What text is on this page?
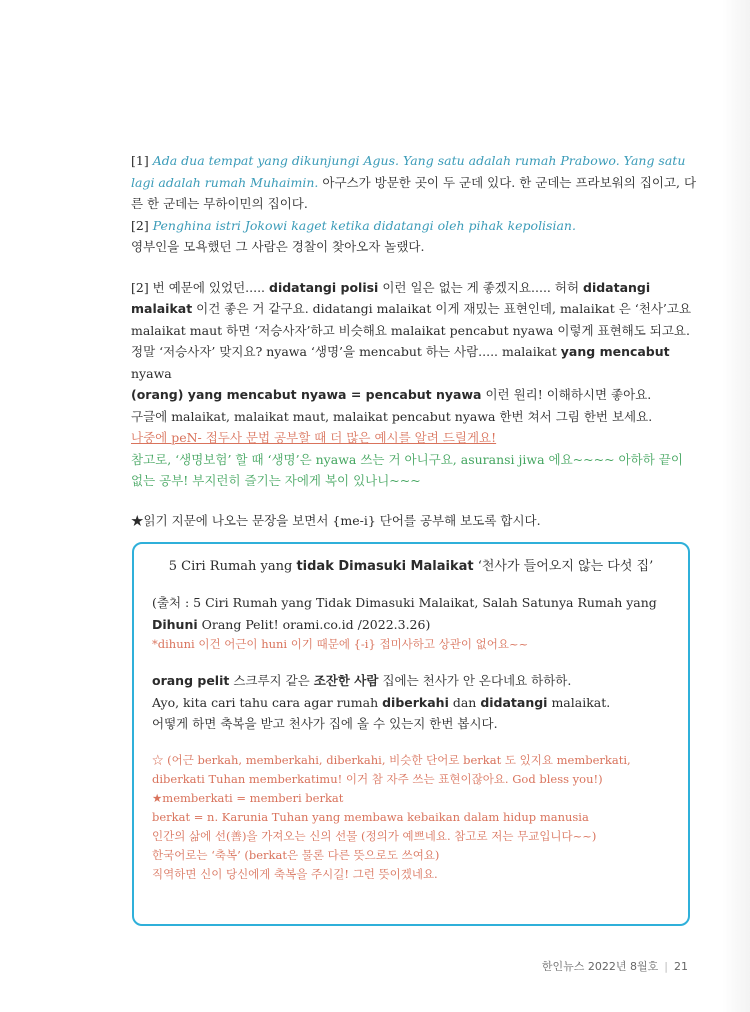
[1] Ada dua tempat yang dikunjungi Agus. Yang satu adalah rumah Prabowo. Yang satu lagi adalah rumah Muhaimin. 아구스가 방문한 곳이 두 군데 있다. 한 군데는 프라보워의 집이고, 다른 한 군데는 무하이민의 집이다.

[2] Penghina istri Jokowi kaget ketika didatangi oleh pihak kepolisian.

영부인을 모욕했던 그 사람은 경찰이 찾아오자 놀랬다.

[2] 번 예문에 있었던..... didatangi polisi 이런 일은 없는 게 좋겠지요..... 허허 didatangi malaikat 이건 좋은 거 같구요. didatangi malaikat 이게 재밌는 표현인데, malaikat 은 ‘천사’고요 malaikat maut 하면 ‘저승사자’하고 비슷해요 malaikat pencabut nyawa 이렇게 표현해도 되고요. 정말 ‘저승사자’ 맞지요? nyawa ‘생명’을 mencabut 하는 사람..... malaikat yang mencabut nyawa

(orang) yang mencabut nyawa = pencabut nyawa 이런 원리! 이해하시면 좋아요.

구글에 malaikat, malaikat maut, malaikat pencabut nyawa 한번 쳐서 그림 한번 보세요.

나중에 peN- 접두사 문법 공부할 때 더 많은 예시를 알려 드릴게요!

참고로, ‘생명보험’ 할 때 ‘생명’은 nyawa 쓰는 거 아니구요, asuransi jiwa 에요~~~~ 아하하 끝이 없는 공부! 부지런히 즐기는 자에게 복이 있나니~~~

★읽기 지문에 나오는 문장을 보면서 {me-i} 단어를 공부해 보도록 합시다.

5 Ciri Rumah yang tidak Dimasuki Malaikat ‘천사가 들어오지 않는 다섯 집’

(출처 : 5 Ciri Rumah yang Tidak Dimasuki Malaikat, Salah Satunya Rumah yang Dihuni Orang Pelit! orami.co.id /2022.3.26)

*dihuni 이건 어근이 huni 이기 때문에 {-i} 접미사하고 상관이 없어요~~

orang pelit 스크루지 같은 조잔한 사람 집에는 천사가 안 온다네요 하하하.

Ayo, kita cari tahu cara agar rumah diberkahi dan didatangi malaikat.

어떻게 하면 축복을 받고 천사가 집에 올 수 있는지 한번 봅시다.

☆ (어근 berkah, memberkahi, diberkahi, 비슷한 단어로 berkat 도 있지요 memberkati, diberkati Tuhan memberkatimu! 이거 참 자주 쓰는 표현이잖아요. God bless you!)

★memberkati = memberi berkat

berkat = n. Karunia Tuhan yang membawa kebaikan dalam hidup manusia

인간의 삶에 선(善)을 가져오는 신의 선물 (정의가 예쁘네요. 참고로 저는 무교입니다~~)

한국어로는 ‘축복’ (berkat은 물론 다른 뜻으로도 쓰여요)

직역하면 신이 당신에게 축복을 주시길! 그런 뜻이겠네요.

한인뉴스 2022년 8월호 | 21
